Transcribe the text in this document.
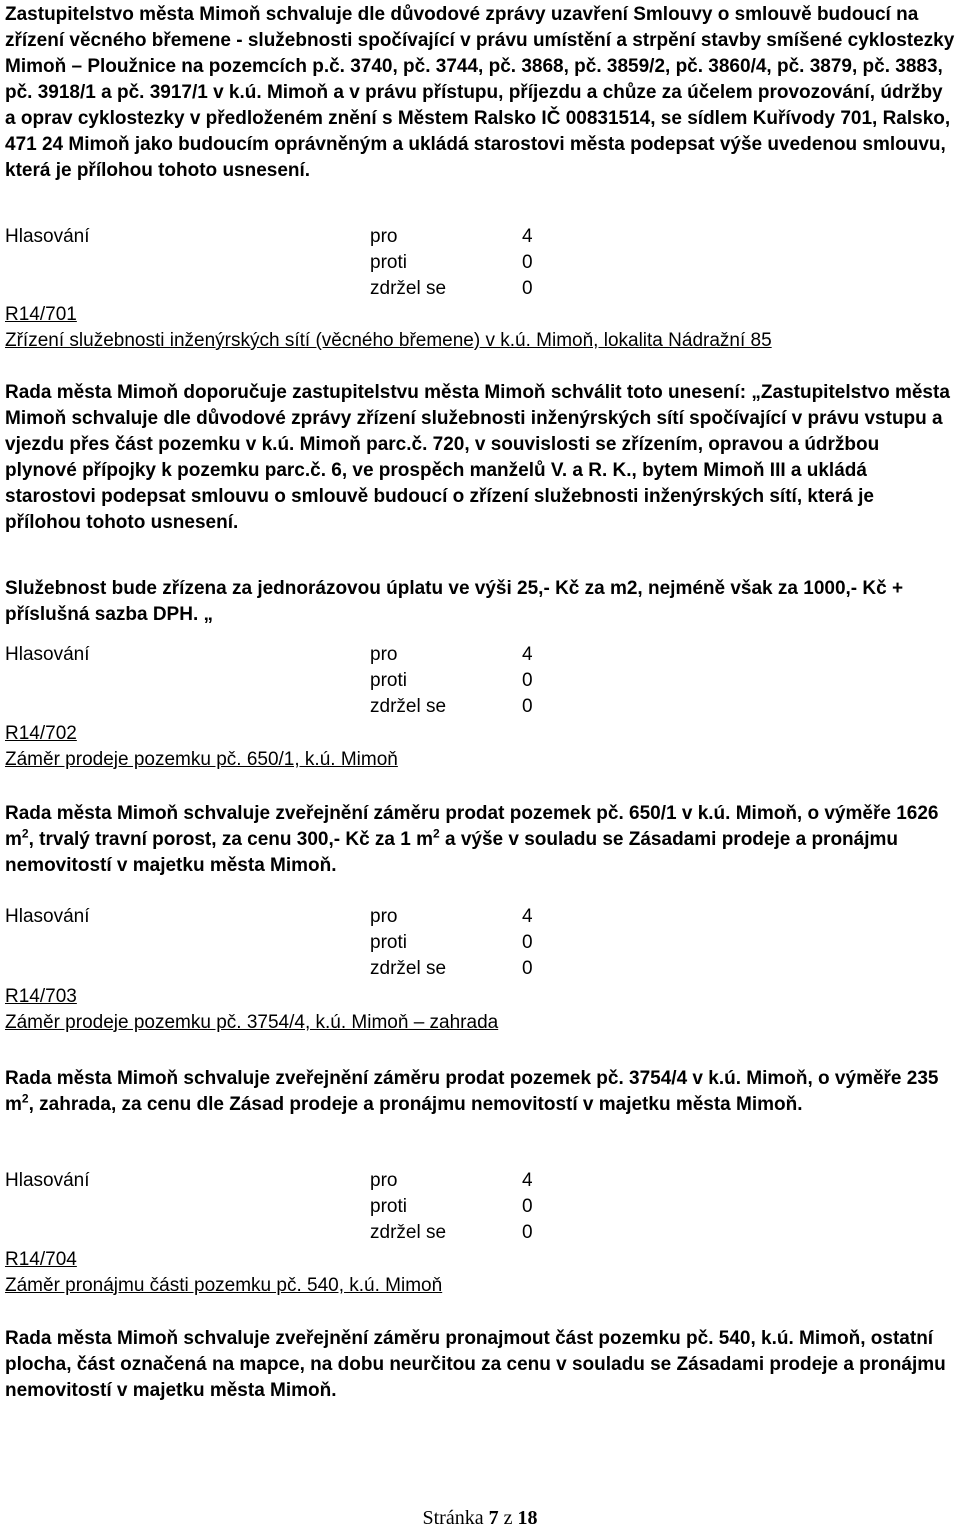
Zastupitelstvo města Mimoň schvaluje dle důvodové zprávy uzavření Smlouvy o smlouvě budoucí na zřízení věcného břemene - služebnosti spočívající v právu umístění a strpění stavby smíšené cyklostezky Mimoň – Ploužnice na pozemcích p.č. 3740, pč. 3744, pč. 3868, pč. 3859/2, pč. 3860/4, pč. 3879, pč. 3883, pč. 3918/1 a pč. 3917/1 v k.ú. Mimoň a v právu přístupu, příjezdu a chůze za účelem provozování, údržby a oprav cyklostezky v předloženém znění s Městem Ralsko IČ 00831514, se sídlem Kuřívody 701, Ralsko, 471 24 Mimoň jako budoucím oprávněným a ukládá starostovi města podepsat výše uvedenou smlouvu, která je přílohou tohoto usnesení.

Hlasování	pro	4
proti	0
zdržel se	0
R14/701
Zřízení služebnosti inženýrských sítí (věcného břemene) v k.ú. Mimoň, lokalita Nádražní 85

Rada města Mimoň doporučuje zastupitelstvu města Mimoň schválit toto unesení: „Zastupitelstvo města Mimoň schvaluje dle důvodové zprávy zřízení služebnosti inženýrských sítí spočívající v právu vstupu a vjezdu přes část pozemku v k.ú. Mimoň parc.č. 720, v souvislosti se zřízením, opravou a údržbou plynové přípojky k pozemku parc.č. 6, ve prospěch manželů V. a R. K., bytem Mimoň III a ukládá starostovi podepsat smlouvu o smlouvě budoucí o zřízení služebnosti inženýrských sítí, která je přílohou tohoto usnesení.

Služebnost bude zřízena za jednorázovou úplatu ve výši 25,- Kč za m2, nejméně však za 1000,- Kč + příslušná sazba DPH. „

Hlasování	pro	4
proti	0
zdržel se	0
R14/702
Záměr prodeje pozemku pč. 650/1, k.ú. Mimoň

Rada města Mimoň schvaluje zveřejnění záměru prodat pozemek pč. 650/1 v k.ú. Mimoň, o výměře 1626 $m^2$, trvalý travní porost, za cenu 300,- Kč za 1 $m^2$ a výše v souladu se Zásadami prodeje a pronájmu nemovitostí v majetku města Mimoň.

Hlasování	pro	4
proti	0
zdržel se	0
R14/703
Záměr prodeje pozemku pč. 3754/4, k.ú. Mimoň – zahrada

Rada města Mimoň schvaluje zveřejnění záměru prodat pozemek pč. 3754/4 v k.ú. Mimoň, o výměře 235 $m^2$, zahrada, za cenu dle Zásad prodeje a pronájmu nemovitostí v majetku města Mimoň.

Hlasování	pro	4
proti	0
zdržel se	0
R14/704
Záměr pronájmu části pozemku pč. 540, k.ú. Mimoň

Rada města Mimoň schvaluje zveřejnění záměru pronajmout část pozemku pč. 540, k.ú. Mimoň, ostatní plocha, část označená na mapce, na dobu neurčitou za cenu v souladu se Zásadami prodeje a pronájmu nemovitostí v majetku města Mimoň.

Stránka 7 z 18
